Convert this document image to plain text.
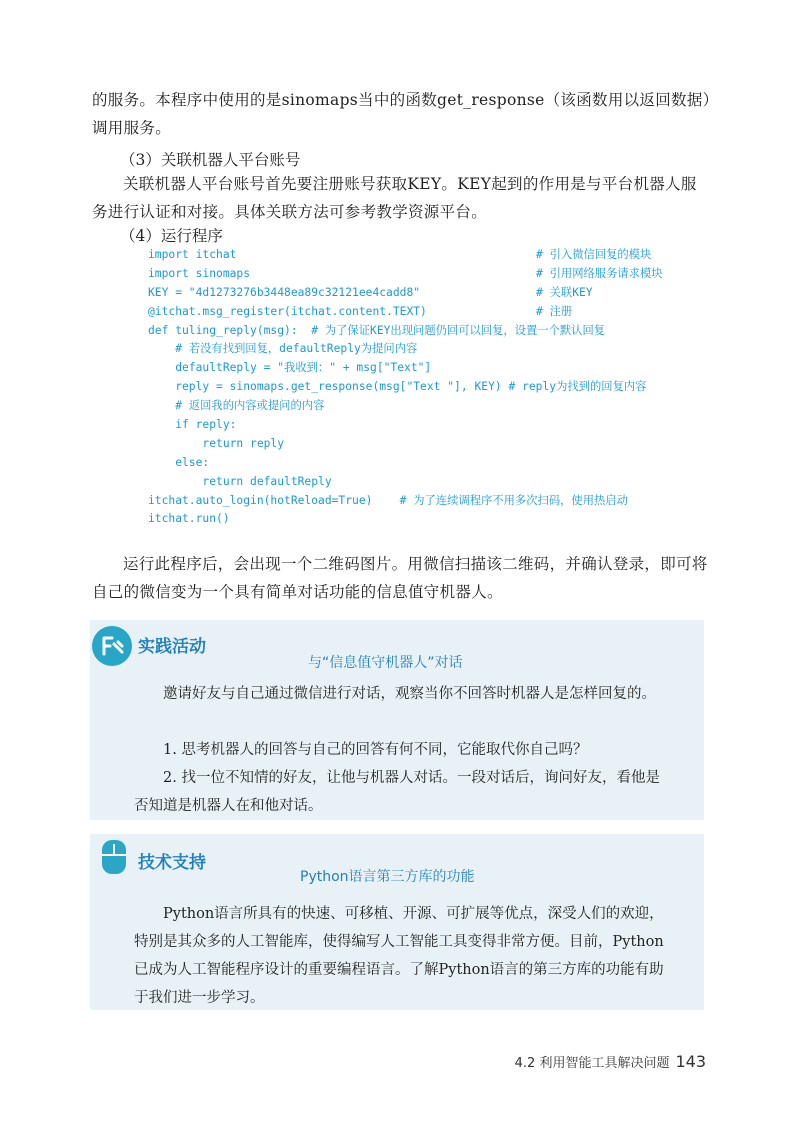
的服务。本程序中使用的是sinomaps当中的函数get_response（该函数用以返回数据）调用服务。
（3）关联机器人平台账号
关联机器人平台账号首先要注册账号获取KEY。KEY起到的作用是与平台机器人服务进行认证和对接。具体关联方法可参考教学资源平台。
（4）运行程序
import itchat	# 引入微信回复的模块
import sinomaps	# 引用网络服务请求模块
KEY = "4d1273276b3448ea89c32121ee4cadd8"	# 关联KEY
@itchat.msg_register(itchat.content.TEXT)	# 注册
def tuling_reply(msg):  # 为了保证KEY出现问题仍回可以回复，设置一个默认回复
# 若没有找到回复，defaultReply为提问内容
defaultReply = "我收到：" + msg["Text"]
reply = sinomaps.get_response(msg["Text "], KEY) # reply为找到的回复内容
# 返回我的内容或提问的内容
if reply:
return reply
else:
return defaultReply
itchat.auto_login(hotReload=True)    # 为了连续调程序不用多次扫码，使用热启动
itchat.run()
运行此程序后，会出现一个二维码图片。用微信扫描该二维码，并确认登录，即可将自己的微信变为一个具有简单对话功能的信息值守机器人。
实践活动
与“信息值守机器人”对话
邀请好友与自己通过微信进行对话，观察当你不回答时机器人是怎样回复的。
1. 思考机器人的回答与自己的回答有何不同，它能取代你自己吗？
2. 找一位不知情的好友，让他与机器人对话。一段对话后，询问好友，看他是否知道是机器人在和他对话。
技术支持
Python语言第三方库的功能
Python语言所具有的快速、可移植、开源、可扩展等优点，深受人们的欢迎，特别是其众多的人工智能库，使得编写人工智能工具变得非常方便。目前，Python已成为人工智能程序设计的重要编程语言。了解Python语言的第三方库的功能有助于我们进一步学习。
4.2 利用智能工具解决问题 143
